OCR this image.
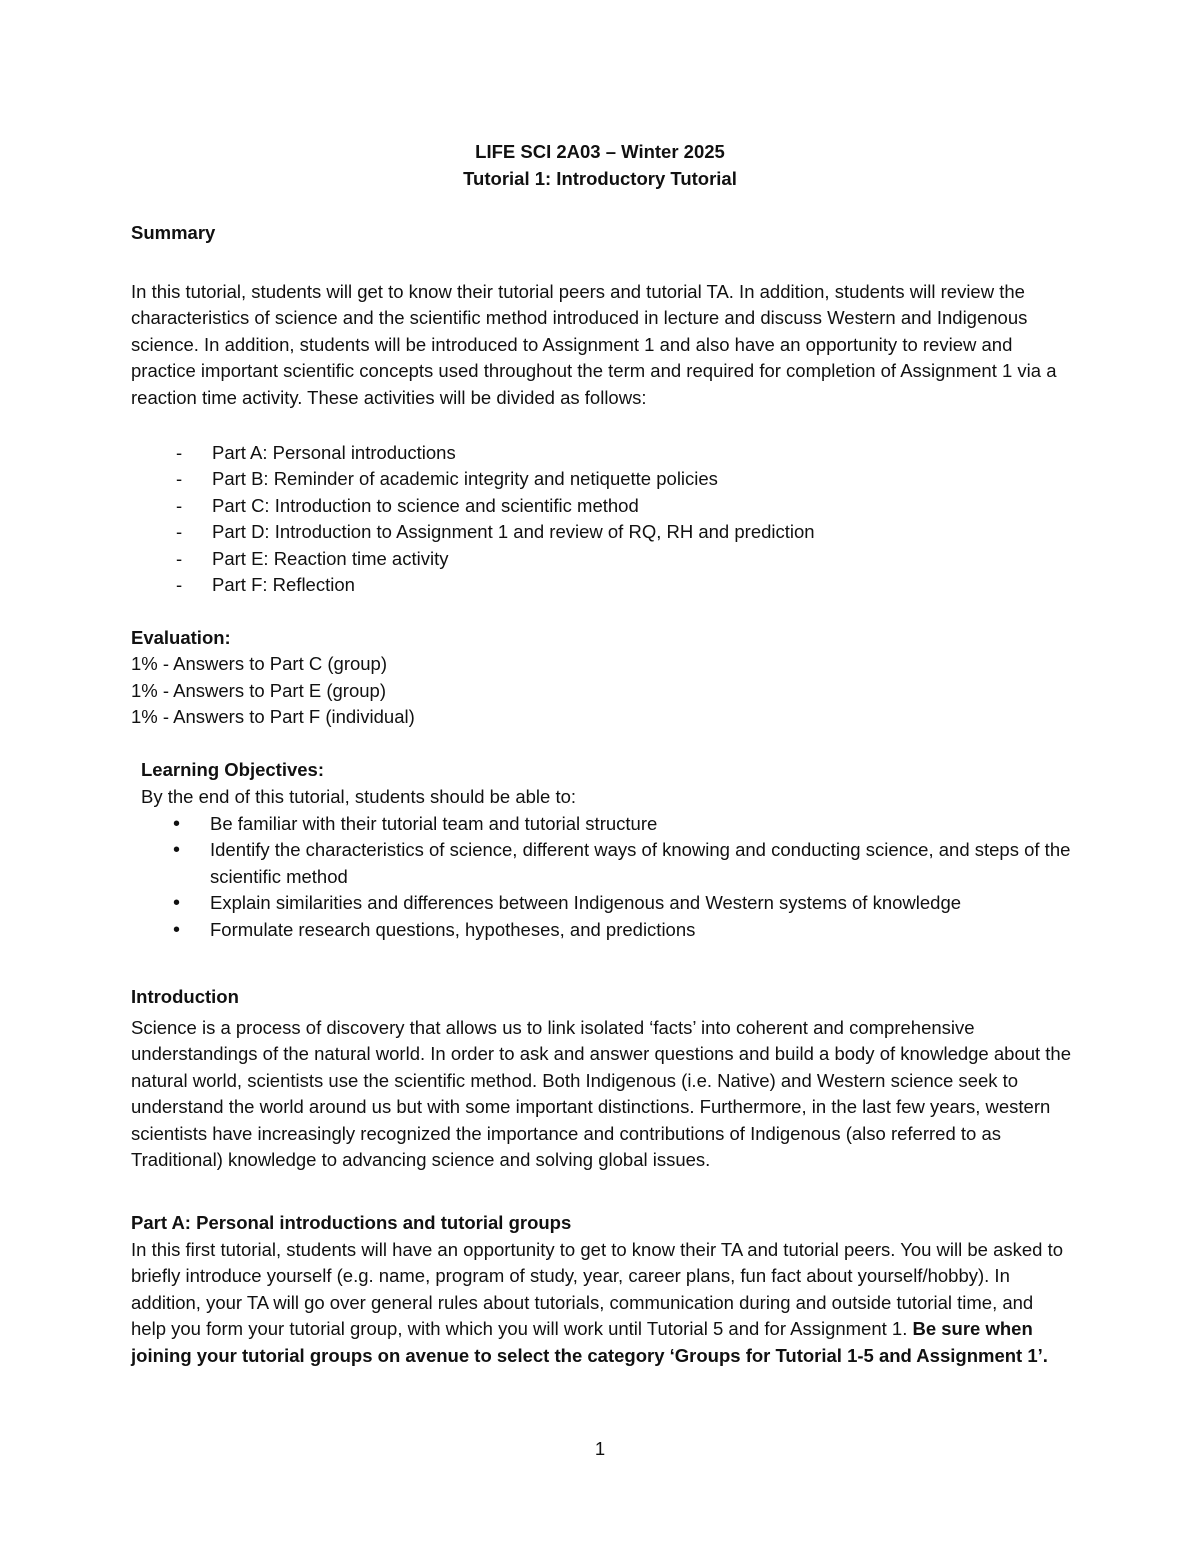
LIFE SCI 2A03 – Winter 2025
Tutorial 1: Introductory Tutorial
Summary

In this tutorial, students will get to know their tutorial peers and tutorial TA. In addition, students will review the characteristics of science and the scientific method introduced in lecture and discuss Western and Indigenous science. In addition, students will be introduced to Assignment 1 and also have an opportunity to review and practice important scientific concepts used throughout the term and required for completion of Assignment 1 via a reaction time activity. These activities will be divided as follows:

- Part A: Personal introductions
- Part B: Reminder of academic integrity and netiquette policies
- Part C: Introduction to science and scientific method
- Part D: Introduction to Assignment 1 and review of RQ, RH and prediction
- Part E: Reaction time activity
- Part F: Reflection
Evaluation:
1% - Answers to Part C (group)
1% - Answers to Part E (group)
1% - Answers to Part F (individual)
Learning Objectives:
By the end of this tutorial, students should be able to:
• Be familiar with their tutorial team and tutorial structure
• Identify the characteristics of science, different ways of knowing and conducting science, and steps of the scientific method
• Explain similarities and differences between Indigenous and Western systems of knowledge
• Formulate research questions, hypotheses, and predictions
Introduction

Science is a process of discovery that allows us to link isolated ‘facts’ into coherent and comprehensive understandings of the natural world. In order to ask and answer questions and build a body of knowledge about the natural world, scientists use the scientific method. Both Indigenous (i.e. Native) and Western science seek to understand the world around us but with some important distinctions. Furthermore, in the last few years, western scientists have increasingly recognized the importance and contributions of Indigenous (also referred to as Traditional) knowledge to advancing science and solving global issues.

Part A: Personal introductions and tutorial groups

In this first tutorial, students will have an opportunity to get to know their TA and tutorial peers. You will be asked to briefly introduce yourself (e.g. name, program of study, year, career plans, fun fact about yourself/hobby). In addition, your TA will go over general rules about tutorials, communication during and outside tutorial time, and help you form your tutorial group, with which you will work until Tutorial 5 and for Assignment 1. Be sure when joining your tutorial groups on avenue to select the category ‘Groups for Tutorial 1-5 and Assignment 1’.

1
